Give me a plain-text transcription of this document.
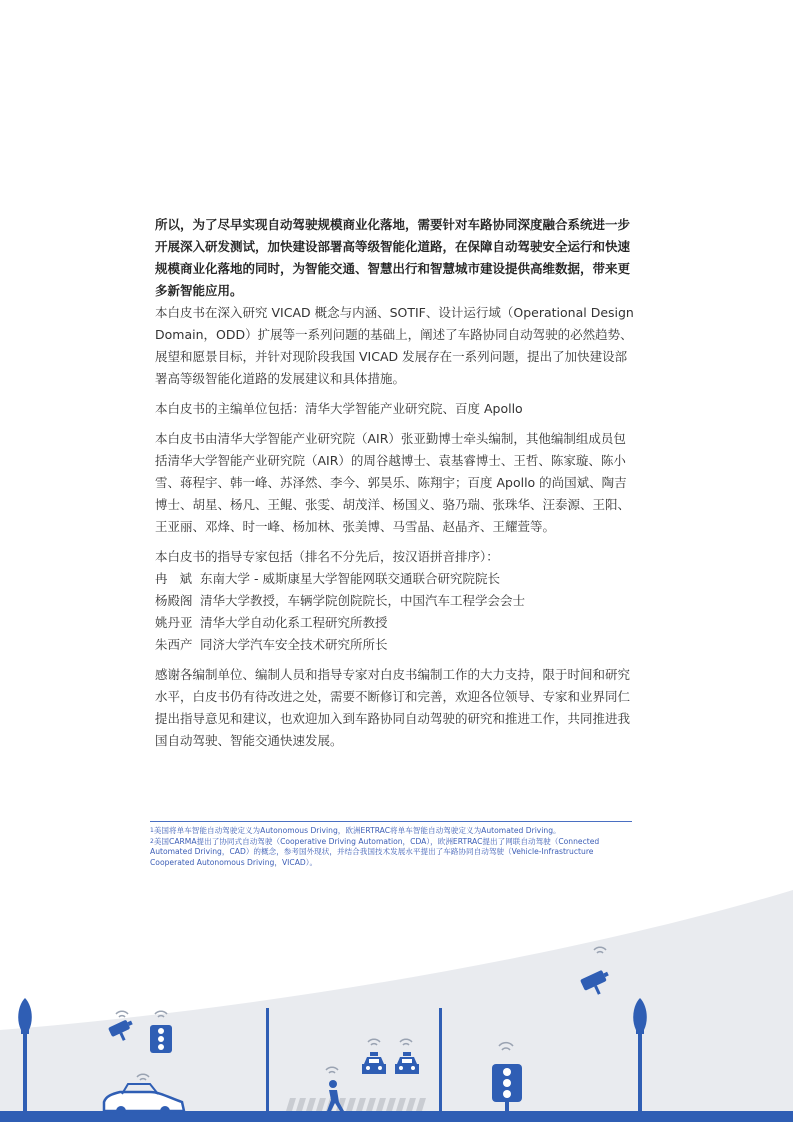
所以，为了尽早实现自动驾驶规模商业化落地，需要针对车路协同深度融合系统进一步开展深入研发测试，加快建设部署高等级智能化道路，在保障自动驾驶安全运行和快速规模商业化落地的同时，为智能交通、智慧出行和智慧城市建设提供高维数据，带来更多新智能应用。

本白皮书在深入研究 VICAD 概念与内涵、SOTIF、设计运行域（Operational Design Domain，ODD）扩展等一系列问题的基础上，阐述了车路协同自动驾驶的必然趋势、展望和愿景目标，并针对现阶段我国 VICAD 发展存在一系列问题，提出了加快建设部署高等级智能化道路的发展建议和具体措施。

本白皮书的主编单位包括：清华大学智能产业研究院、百度 Apollo

本白皮书由清华大学智能产业研究院（AIR）张亚勤博士牵头编制，其他编制组成员包括清华大学智能产业研究院（AIR）的周谷越博士、袁基睿博士、王哲、陈家璇、陈小雪、蒋程宇、韩一峰、苏泽然、李今、郭昊乐、陈翔宇；百度 Apollo 的尚国斌、陶吉博士、胡星、杨凡、王鲲、张雯、胡茂洋、杨国义、骆乃瑞、张珠华、汪泰源、王阳、王亚丽、邓烽、时一峰、杨加林、张美博、马雪晶、赵晶齐、王耀萱等。

本白皮书的指导专家包括（排名不分先后，按汉语拼音排序）：

冉斌
东南大学 - 威斯康星大学智能网联交通联合研究院院长
杨殿阁 清华大学教授，车辆学院创院院长，中国汽车工程学会会士
姚丹亚 清华大学自动化系工程研究所教授
朱西产 同济大学汽车安全技术研究所所长

感谢各编制单位、编制人员和指导专家对白皮书编制工作的大力支持，限于时间和研究水平，白皮书仍有待改进之处，需要不断修订和完善，欢迎各位领导、专家和业界同仁提出指导意见和建议，也欢迎加入到车路协同自动驾驶的研究和推进工作，共同推进我国自动驾驶、智能交通快速发展。

$^1$美国将单车智能自动驾驶定义为Autonomous Driving，欧洲ERTRAC将单车智能自动驾驶定义为Automated Driving。

$^2$美国CARMA提出了协同式自动驾驶（Cooperative Driving Automation，CDA），欧洲ERTRAC提出了网联自动驾驶（Connected Automated Driving，CAD）的概念，参考国外现状，并结合我国技术发展水平提出了车路协同自动驾驶（Vehicle-Infrastructure Cooperated Autonomous Driving，VICAD）。
